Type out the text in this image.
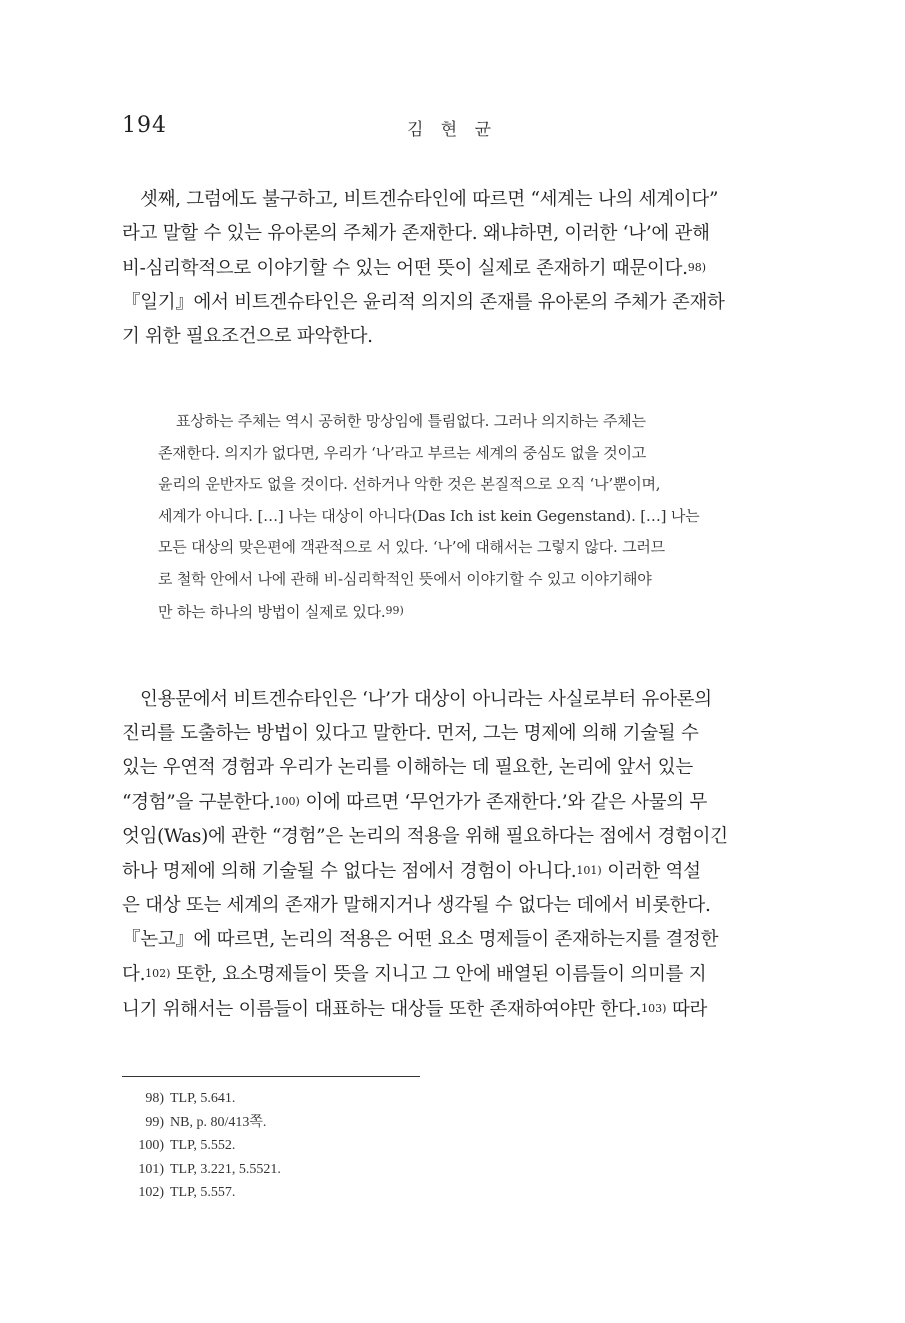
194	김 현 균
셋째, 그럼에도 불구하고, 비트겐슈타인에 따르면 “세계는 나의 세계이다”
라고 말할 수 있는 유아론의 주체가 존재한다. 왜냐하면, 이러한 ‘나’에 관해
비-심리학적으로 이야기할 수 있는 어떤 뜻이 실제로 존재하기 때문이다.$^{98)}$
『일기』에서 비트겐슈타인은 윤리적 의지의 존재를 유아론의 주체가 존재하
기 위한 필요조건으로 파악한다.
표상하는 주체는 역시 공허한 망상임에 틀림없다. 그러나 의지하는 주체는
존재한다. 의지가 없다면, 우리가 ‘나’라고 부르는 세계의 중심도 없을 것이고
윤리의 운반자도 없을 것이다. 선하거나 악한 것은 본질적으로 오직 ‘나’뿐이며,
세계가 아니다. […] 나는 대상이 아니다(Das Ich ist kein Gegenstand). […] 나는
모든 대상의 맞은편에 객관적으로 서 있다. ‘나’에 대해서는 그렇지 않다. 그러므
로 철학 안에서 나에 관해 비-심리학적인 뜻에서 이야기할 수 있고 이야기해야
만 하는 하나의 방법이 실제로 있다.$^{99)}$
인용문에서 비트겐슈타인은 ‘나’가 대상이 아니라는 사실로부터 유아론의
진리를 도출하는 방법이 있다고 말한다. 먼저, 그는 명제에 의해 기술될 수
있는 우연적 경험과 우리가 논리를 이해하는 데 필요한, 논리에 앞서 있는
“경험”을 구분한다.$^{100)}$ 이에 따르면 ‘무언가가 존재한다.’와 같은 사물의 무
엇임(Was)에 관한 “경험”은 논리의 적용을 위해 필요하다는 점에서 경험이긴
하나 명제에 의해 기술될 수 없다는 점에서 경험이 아니다.$^{101)}$ 이러한 역설
은 대상 또는 세계의 존재가 말해지거나 생각될 수 없다는 데에서 비롯한다.
『논고』에 따르면, 논리의 적용은 어떤 요소 명제들이 존재하는지를 결정한
다.$^{102)}$ 또한, 요소명제들이 뜻을 지니고 그 안에 배열된 이름들이 의미를 지
니기 위해서는 이름들이 대표하는 대상들 또한 존재하여야만 한다.$^{103)}$ 따라
98) TLP, 5.641.
99) NB, p. 80/413쪽.
100) TLP, 5.552.
101) TLP, 3.221, 5.5521.
102) TLP, 5.557.
